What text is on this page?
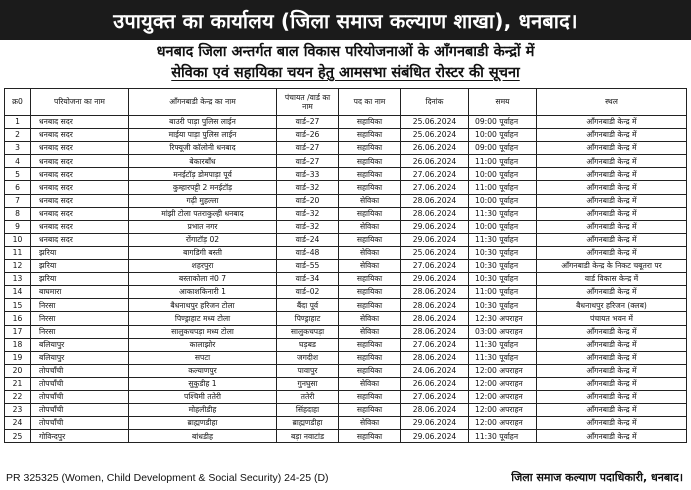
उपायुक्त का कार्यालय (जिला समाज कल्याण शाखा), धनबाद।
धनबाद जिला अन्तर्गत बाल विकास परियोजनाओं के आँगनबाडी केन्द्रों में
सेविका एवं सहायिका चयन हेतु आमसभा संबंधित रोस्टर की सूचना
क्र0	परियोजना का नाम	आँगनबाडी केन्द्र का नाम	पंचायत /वार्ड का नाम	पद का नाम	दिनांक	समय	स्थल
1	धनबाद सदर	बाउरी पाड़ा पुलिस लाईन	वार्ड–27	सहायिका	25.06.2024	09:00 पूर्वाहन	आँगनबाडी केन्द्र में
2	धनबाद सदर	माईया पाड़ा पुलिस लाईन	वार्ड–26	सहायिका	25.06.2024	10:00 पूर्वाहन	आँगनबाडी केन्द्र में
3	धनबाद सदर	रिफ्यूजी कॉलोनी धनबाद	वार्ड–27	सहायिका	26.06.2024	09:00 पूर्वाहन	आँगनबाडी केन्द्र में
4	धनबाद सदर	बेकारबाँध	वार्ड–27	सहायिका	26.06.2024	11:00 पूर्वाहन	आँगनबाडी केन्द्र में
5	धनबाद सदर	मनईटॉड़ डोमपाड़ा पूर्व	वार्ड–33	सहायिका	27.06.2024	10:00 पूर्वाहन	आँगनबाडी केन्द्र में
6	धनबाद सदर	कुम्हारपट्टी 2 मनईटॉड़	वार्ड–32	सहायिका	27.06.2024	11:00 पूर्वाहन	आँगनबाडी केन्द्र में
7	धनबाद सदर	गढ़ी मुहल्ला	वार्ड–20	सेविका	28.06.2024	10:00 पूर्वाहन	आँगनबाडी केन्द्र में
8	धनबाद सदर	मांझी टोला पतराकुल्ही धनबाद	वार्ड–32	सहायिका	28.06.2024	11:30 पूर्वाहन	आँगनबाडी केन्द्र में
9	धनबाद सदर	प्रभात नगर	वार्ड–32	सेविका	29.06.2024	10:00 पूर्वाहन	आँगनबाडी केन्द्र में
10	धनबाद सदर	रोंगाटॉड़ 02	वार्ड–24	सहायिका	29.06.2024	11:30 पूर्वाहन	आँगनबाडी केन्द्र में
11	झरिया	बागडिगी बस्ती	वार्ड–48	सेविका	25.06.2024	10:30 पूर्वाहन	आँगनबाडी केन्द्र में
12	झरिया	शहरपुरा	वार्ड–55	सेविका	27.06.2024	10:30 पूर्वाहन	आँगनबाडी केन्द्र के निकट चबूतरा पर
13	झरिया	बस्ताकोला नं0 7	वार्ड–34	सहायिका	29.06.2024	10:30 पूर्वाहन	वार्ड विकास केन्द्र में
14	बाघमारा	आकाशकिनारी 1	वार्ड–02	सहायिका	28.06.2024	11:00 पूर्वाहन	आँगनबाडी केन्द्र में
15	निरसा	बैधनाथपुर हरिजन टोला	बैंदा पूर्व	सहायिका	28.06.2024	10:30 पूर्वाहन	बैधनाथपुर हरिजन (क्लब)
16	निरसा	पिण्ड्राहाट मध्य टोला	पिण्ड्राहाट	सेविका	28.06.2024	12:30 अपराहन	पंचायत भवन में
17	निरसा	सालुकचपड़ा मध्य टोला	सालुकचपड़ा	सेविका	28.06.2024	03:00 अपराहन	आँगनबाडी केन्द्र में
18	बलियापुर	कालाझोर	घड़बड	सहायिका	27.06.2024	11:30 पूर्वाहन	आँगनबाडी केन्द्र में
19	बलियापुर	सपटा	जगदीश	सहायिका	28.06.2024	11:30 पूर्वाहन	आँगनबाडी केन्द्र में
20	तोपचाँची	कल्याणपुर	पावापुर	सहायिका	24.06.2024	12:00 अपराहन	आँगनबाडी केन्द्र में
21	तोपचाँची	सुकुडीह 1	गुनघुसा	सेविका	26.06.2024	12:00 अपराहन	आँगनबाडी केन्द्र में
22	तोपचाँची	पश्चिमी ततेरी	ततेरी	सहायिका	27.06.2024	12:00 अपराहन	आँगनबाडी केन्द्र में
23	तोपचाँची	मोहलीडीह	सिंहदाहा	सहायिका	28.06.2024	12:00 अपराहन	आँगनबाडी केन्द्र में
24	तोपचाँची	ब्राह्मणडीहा	ब्राह्मणडीहा	सेविका	29.06.2024	12:00 अपराहन	आँगनबाडी केन्द्र में
25	गोविन्दपुर	बांधडीह	बड़ा नवाटांड	सहायिका	29.06.2024	11:30 पूर्वाहन	आँगनबाडी केन्द्र में
PR 325325 (Women, Child Development & Social Security) 24-25 (D)	जिला समाज कल्याण पदाधिकारी, धनबाद।
